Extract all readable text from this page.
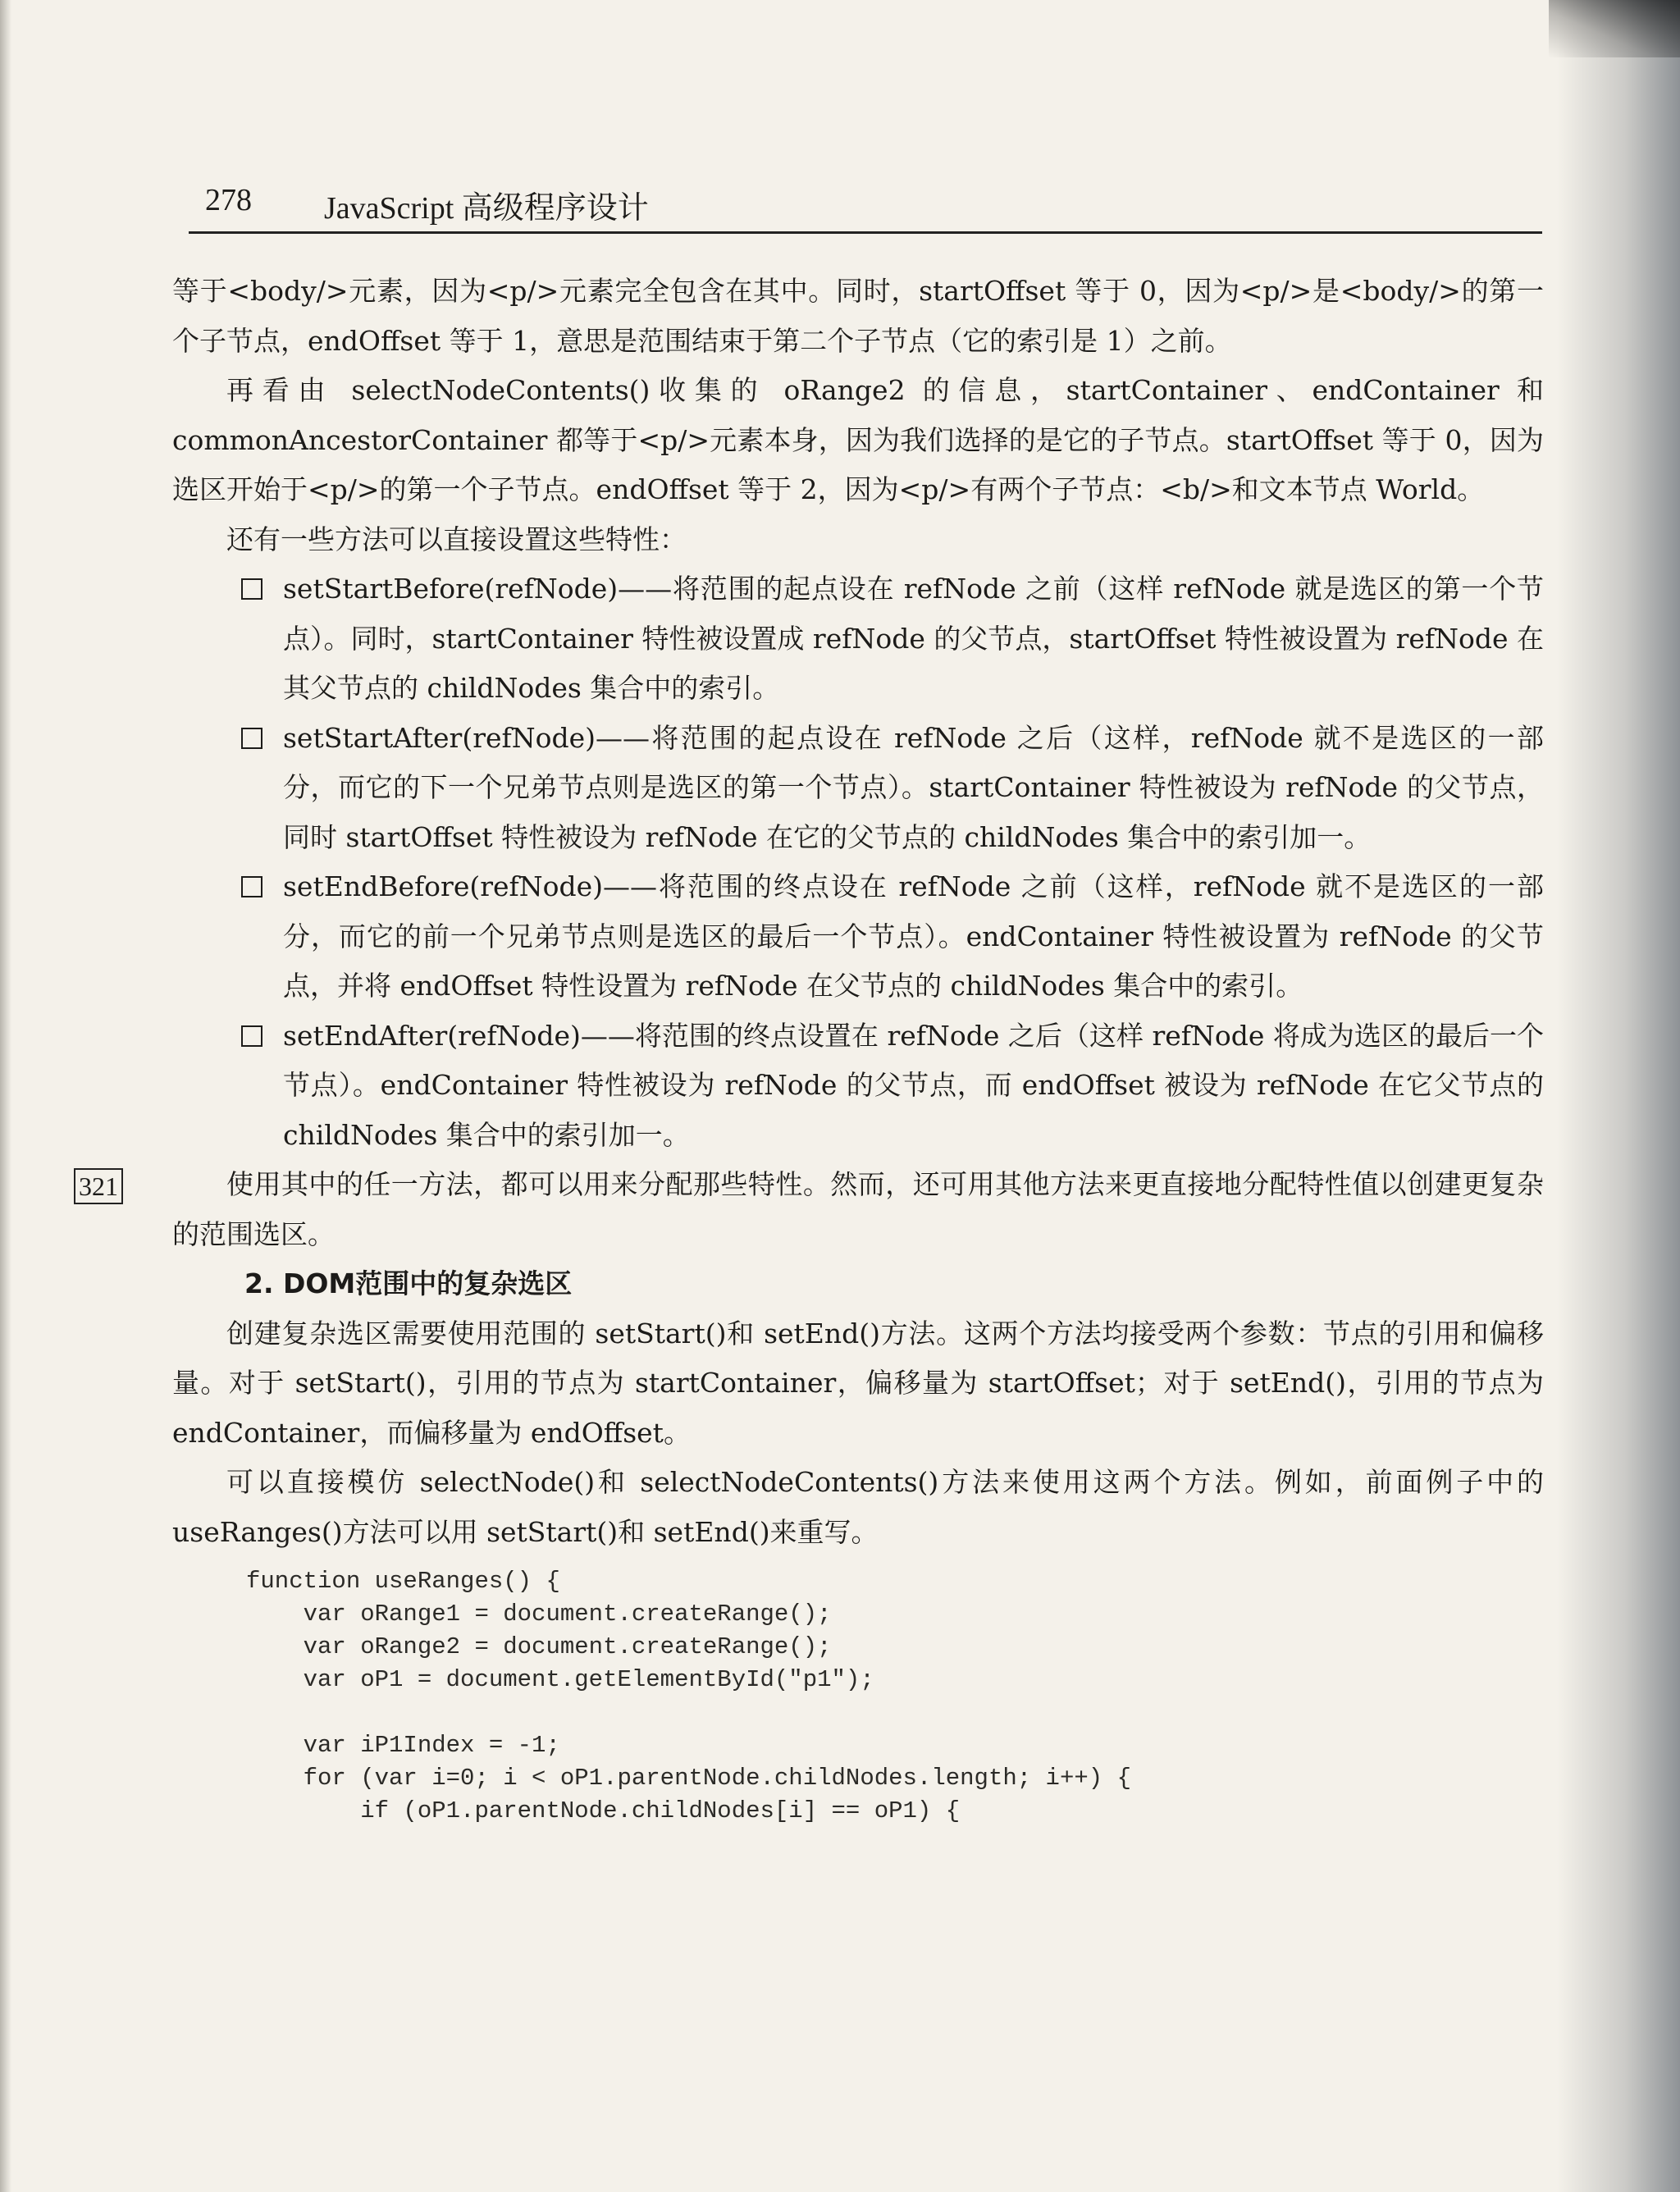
278 JavaScript 高级程序设计
321

等于<body/>元素，因为<p/>元素完全包含在其中。同时，startOffset 等于 0，因为<p/>是<body/>的第一个子节点，endOffset 等于 1，意思是范围结束于第二个子节点（它的索引是 1）之前。

再看由 selectNodeContents()收集的 oRange2 的信息，startContainer、endContainer 和 commonAncestorContainer 都等于<p/>元素本身，因为我们选择的是它的子节点。startOffset 等于 0，因为选区开始于<p/>的第一个子节点。endOffset 等于 2，因为<p/>有两个子节点：<b/>和文本节点 World。

还有一些方法可以直接设置这些特性：

setStartBefore(refNode)——将范围的起点设在 refNode 之前（这样 refNode 就是选区的第一个节点）。同时，startContainer 特性被设置成 refNode 的父节点，startOffset 特性被设置为 refNode 在其父节点的 childNodes 集合中的索引。
setStartAfter(refNode)——将范围的起点设在 refNode 之后（这样，refNode 就不是选区的一部分，而它的下一个兄弟节点则是选区的第一个节点）。startContainer 特性被设为 refNode 的父节点，同时 startOffset 特性被设为 refNode 在它的父节点的 childNodes 集合中的索引加一。
setEndBefore(refNode)——将范围的终点设在 refNode 之前（这样，refNode 就不是选区的一部分，而它的前一个兄弟节点则是选区的最后一个节点）。endContainer 特性被设置为 refNode 的父节点，并将 endOffset 特性设置为 refNode 在父节点的 childNodes 集合中的索引。
setEndAfter(refNode)——将范围的终点设置在 refNode 之后（这样 refNode 将成为选区的最后一个节点）。endContainer 特性被设为 refNode 的父节点，而 endOffset 被设为 refNode 在它父节点的 childNodes 集合中的索引加一。

使用其中的任一方法，都可以用来分配那些特性。然而，还可用其他方法来更直接地分配特性值以创建更复杂的范围选区。

2. DOM范围中的复杂选区

创建复杂选区需要使用范围的 setStart()和 setEnd()方法。这两个方法均接受两个参数：节点的引用和偏移量。对于 setStart()，引用的节点为 startContainer，偏移量为 startOffset；对于 setEnd()，引用的节点为 endContainer，而偏移量为 endOffset。

可以直接模仿 selectNode()和 selectNodeContents()方法来使用这两个方法。例如，前面例子中的 useRanges()方法可以用 setStart()和 setEnd()来重写。

function useRanges() {
var oRange1 = document.createRange();
var oRange2 = document.createRange();
var oP1 = document.getElementById("p1");

var iP1Index = -1;
for (var i=0; i < oP1.parentNode.childNodes.length; i++) {
if (oP1.parentNode.childNodes[i] == oP1) {
